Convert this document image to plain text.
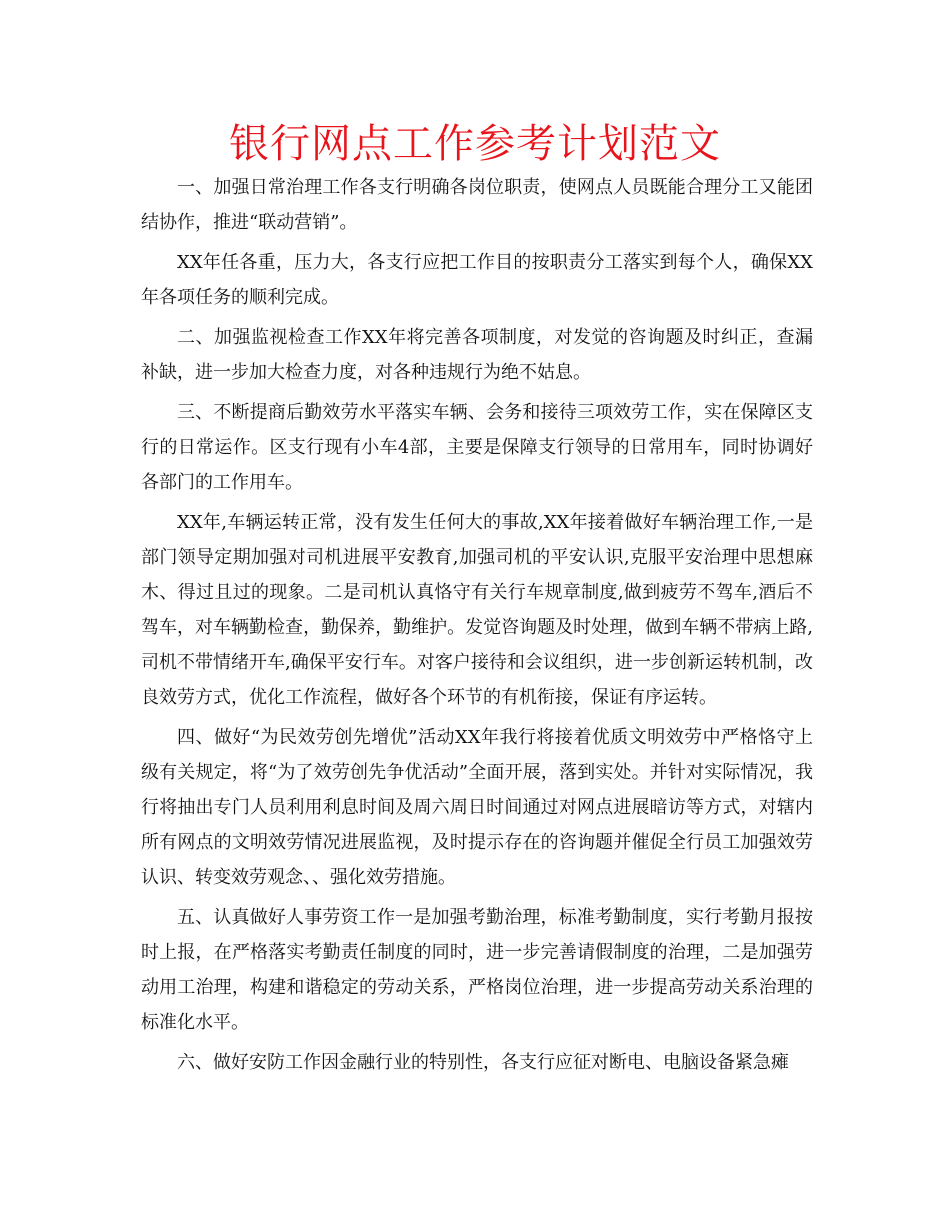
银行网点工作参考计划范文

一、加强日常治理工作各支行明确各岗位职责，使网点人员既能合理分工又能团结协作，推进“联动营销”。

XX年任各重，压力大，各支行应把工作目的按职责分工落实到每个人，确保XX年各项任务的顺利完成。

二、加强监视检查工作XX年将完善各项制度，对发觉的咨询题及时纠正，查漏补缺，进一步加大检查力度，对各种违规行为绝不姑息。

三、不断提商后勤效劳水平落实车辆、会务和接待三项效劳工作，实在保障区支行的日常运作。区支行现有小车4部，主要是保障支行领导的日常用车，同时协调好各部门的工作用车。

XX年,车辆运转正常，没有发生任何大的事故,XX年接着做好车辆治理工作,一是部门领导定期加强对司机进展平安教育,加强司机的平安认识,克服平安治理中思想麻木、得过且过的现象。二是司机认真恪守有关行车规章制度,做到疲劳不驾车,酒后不驾车，对车辆勤检查，勤保养，勤维护。发觉咨询题及时处理，做到车辆不带病上路,司机不带情绪开车,确保平安行车。对客户接待和会议组织，进一步创新运转机制，改良效劳方式，优化工作流程，做好各个环节的有机衔接，保证有序运转。

四、做好“为民效劳创先增优”活动XX年我行将接着优质文明效劳中严格恪守上级有关规定，将“为了效劳创先争优活动”全面开展，落到实处。并针对实际情况，我行将抽出专门人员利用利息时间及周六周日时间通过对网点进展暗访等方式，对辖内所有网点的文明效劳情况进展监视，及时提示存在的咨询题并催促全行员工加强效劳认识、转变效劳观念、、强化效劳措施。

五、认真做好人事劳资工作一是加强考勤治理，标准考勤制度，实行考勤月报按时上报，在严格落实考勤责任制度的同时，进一步完善请假制度的治理，二是加强劳动用工治理，构建和谐稳定的劳动关系，严格岗位治理，进一步提高劳动关系治理的标准化水平。

六、做好安防工作因金融行业的特别性，各支行应征对断电、电脑设备紧急瘫
